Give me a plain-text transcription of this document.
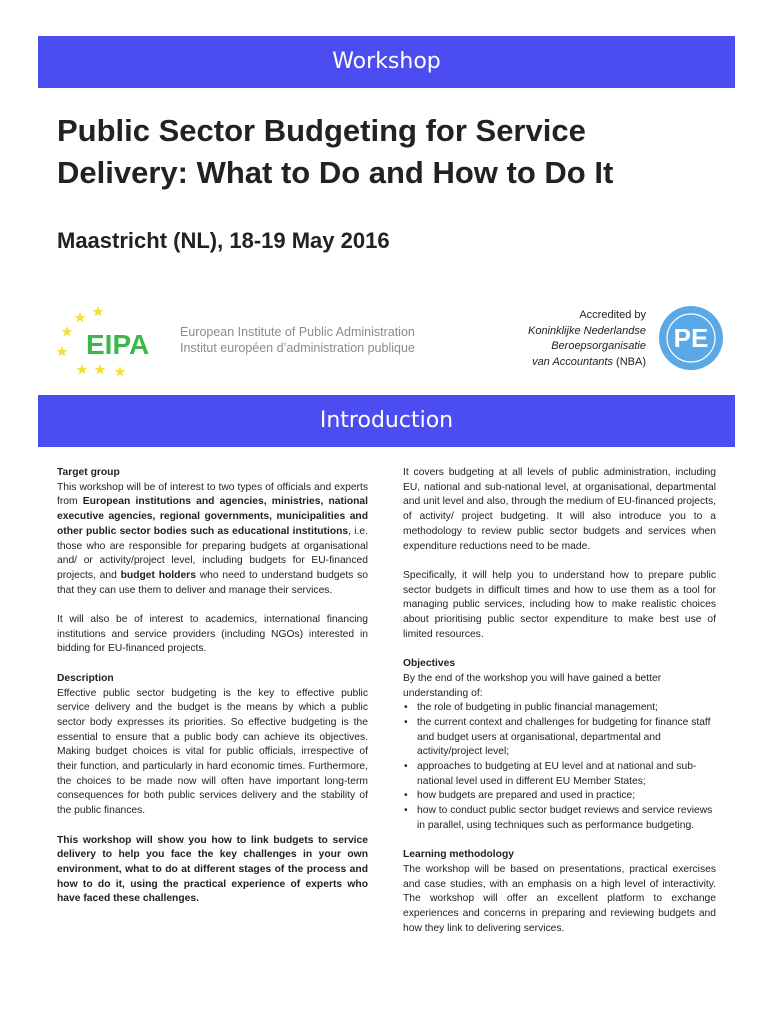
Workshop
Public Sector Budgeting for Service Delivery: What to Do and How to Do It
Maastricht (NL), 18-19 May 2016
EIPA European Institute of Public Administration
Institut européen d’administration publique
Accredited by
Koninklijke Nederlandse
Beroepsorganisatie
van Accountants (NBA)
PE
Introduction
Target group

This workshop will be of interest to two types of officials and experts from European institutions and agencies, ministries, national executive agencies, regional governments, municipalities and other public sector bodies such as educational institutions, i.e. those who are responsible for preparing budgets at organisational and/ or activity/project level, including budgets for EU-financed projects, and budget holders who need to understand budgets so that they can use them to deliver and manage their services.

It will also be of interest to academics, international financing institutions and service providers (including NGOs) interested in bidding for EU-financed projects.

Description

Effective public sector budgeting is the key to effective public service delivery and the budget is the means by which a public sector body expresses its priorities. So effective budgeting is the essential to ensure that a public body can achieve its objectives. Making budget choices is vital for public officials, irrespective of their function, and particularly in hard economic times. Furthermore, the choices to be made now will often have important long-term consequences for both public services delivery and the stability of the public finances.

This workshop will show you how to link budgets to service delivery to help you face the key challenges in your own environment, what to do at different stages of the process and how to do it, using the practical experience of experts who have faced these challenges.

It covers budgeting at all levels of public administration, including EU, national and sub-national level, at organisational, departmental and unit level and also, through the medium of EU-financed projects, of activity/ project budgeting. It will also introduce you to a methodology to review public sector budgets and services when expenditure reductions need to be made.

Specifically, it will help you to understand how to prepare public sector budgets in difficult times and how to use them as a tool for managing public services, including how to make realistic choices about prioritising public sector expenditure to make best use of limited resources.

Objectives

By the end of the workshop you will have gained a better understanding of:

• the role of budgeting in public financial management;
• the current context and challenges for budgeting for finance staff and budget users at organisational, departmental and activity/project level;
• approaches to budgeting at EU level and at national and sub-national level used in different EU Member States;
• how budgets are prepared and used in practice;
• how to conduct public sector budget reviews and service reviews in parallel, using techniques such as performance budgeting.
Learning methodology

The workshop will be based on presentations, practical exercises and case studies, with an emphasis on a high level of interactivity. The workshop will offer an excellent platform to exchange experiences and concerns in preparing and reviewing budgets and how they link to delivering services.
